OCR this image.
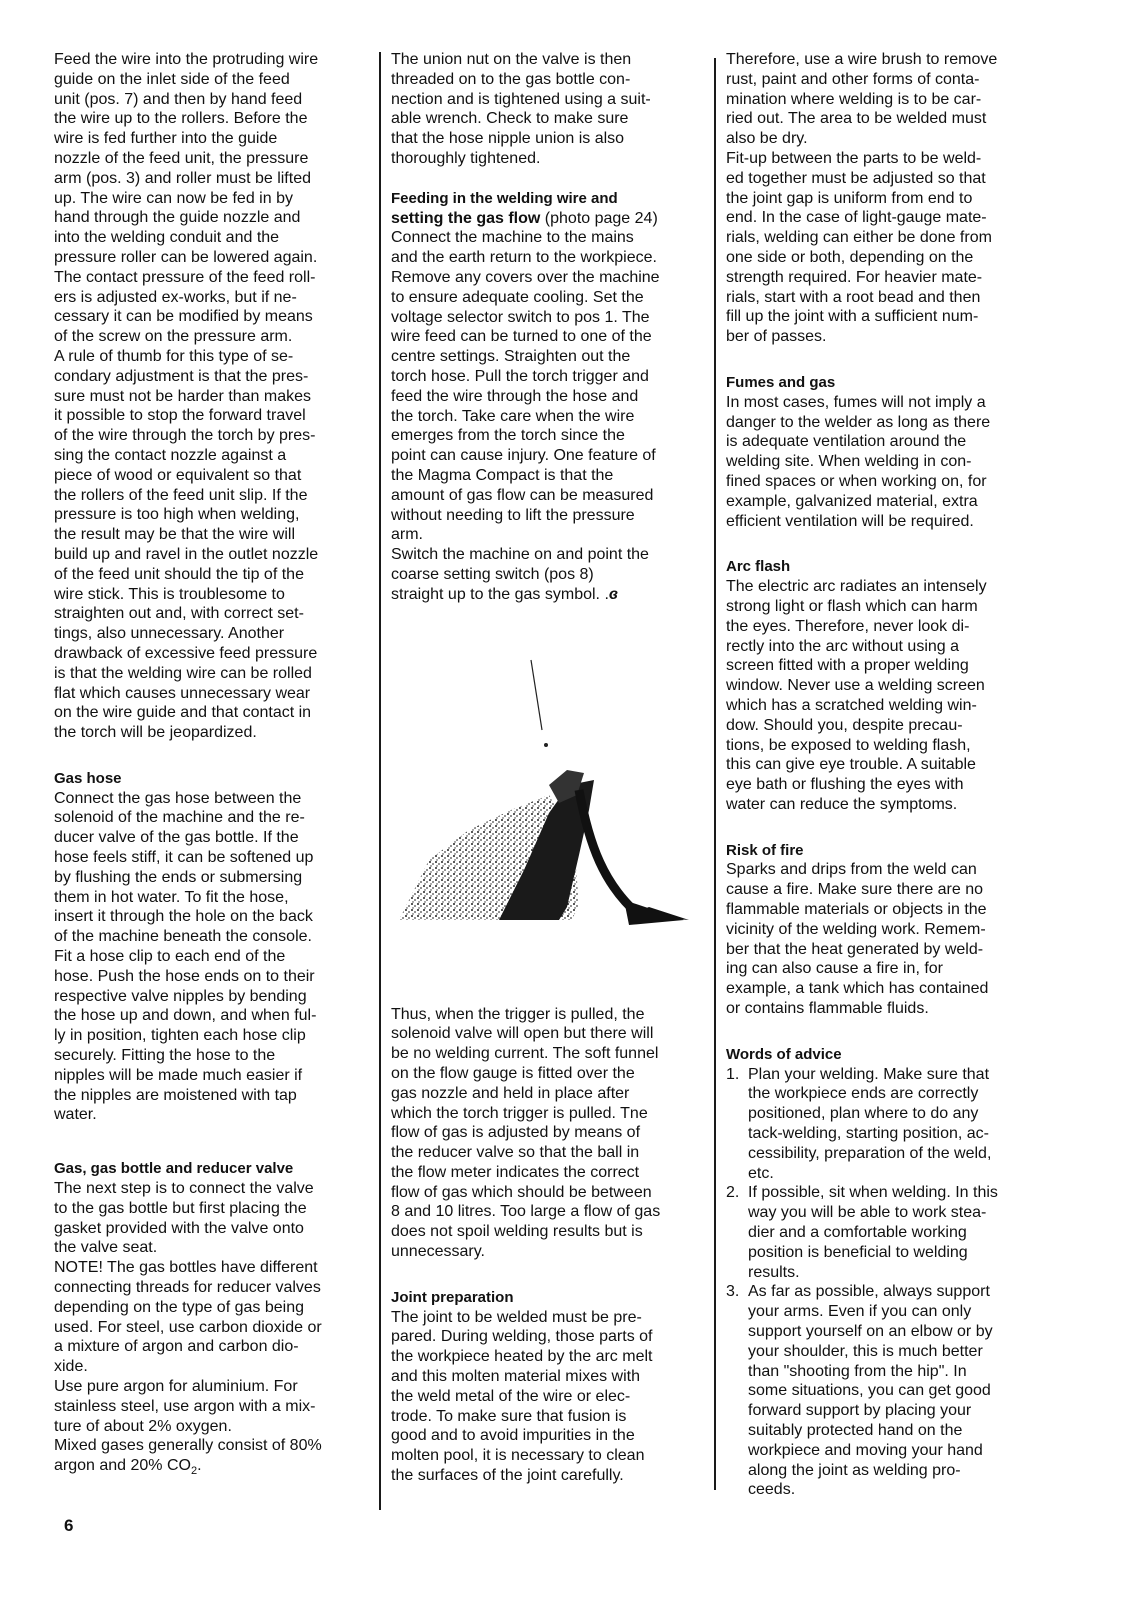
Feed the wire into the protruding wire
guide on the inlet side of the feed
unit (pos. 7) and then by hand feed
the wire up to the rollers. Before the
wire is fed further into the guide
nozzle of the feed unit, the pressure
arm (pos. 3) and roller must be lifted
up. The wire can now be fed in by
hand through the guide nozzle and
into the welding conduit and the
pressure roller can be lowered again.
The contact pressure of the feed roll-
ers is adjusted ex-works, but if ne-
cessary it can be modified by means
of the screw on the pressure arm.
A rule of thumb for this type of se-
condary adjustment is that the pres-
sure must not be harder than makes
it possible to stop the forward travel
of the wire through the torch by pres-
sing the contact nozzle against a
piece of wood or equivalent so that
the rollers of the feed unit slip. If the
pressure is too high when welding,
the result may be that the wire will
build up and ravel in the outlet nozzle
of the feed unit should the tip of the
wire stick. This is troublesome to
straighten out and, with correct set-
tings, also unnecessary. Another
drawback of excessive feed pressure
is that the welding wire can be rolled
flat which causes unnecessary wear
on the wire guide and that contact in
the torch will be jeopardized.
Gas hose
Connect the gas hose between the
solenoid of the machine and the re-
ducer valve of the gas bottle. If the
hose feels stiff, it can be softened up
by flushing the ends or submersing
them in hot water. To fit the hose,
insert it through the hole on the back
of the machine beneath the console.
Fit a hose clip to each end of the
hose. Push the hose ends on to their
respective valve nipples by bending
the hose up and down, and when ful-
ly in position, tighten each hose clip
securely. Fitting the hose to the
nipples will be made much easier if
the nipples are moistened with tap
water.
Gas, gas bottle and reducer valve
The next step is to connect the valve
to the gas bottle but first placing the
gasket provided with the valve onto
the valve seat.
NOTE! The gas bottles have different
connecting threads for reducer valves
depending on the type of gas being
used. For steel, use carbon dioxide or
a mixture of argon and carbon dio-
xide.
Use pure argon for aluminium. For
stainless steel, use argon with a mix-
ture of about 2% oxygen.
Mixed gases generally consist of 80%
argon and 20% $CO_2$.
The union nut on the valve is then
threaded on to the gas bottle con-
nection and is tightened using a suit-
able wrench. Check to make sure
that the hose nipple union is also
thoroughly tightened.
Feeding in the welding wire and
setting the gas flow (photo page 24)
Connect the machine to the mains
and the earth return to the workpiece.
Remove any covers over the machine
to ensure adequate cooling. Set the
voltage selector switch to pos 1. The
wire feed can be turned to one of the
centre settings. Straighten out the
torch hose. Pull the torch trigger and
feed the wire through the hose and
the torch. Take care when the wire
emerges from the torch since the
point can cause injury. One feature of
the Magma Compact is that the
amount of gas flow can be measured
without needing to lift the pressure
arm.
Switch the machine on and point the
coarse setting switch (pos 8)
straight up to the gas symbol. .ɞ
Thus, when the trigger is pulled, the
solenoid valve will open but there will
be no welding current. The soft funnel
on the flow gauge is fitted over the
gas nozzle and held in place after
which the torch trigger is pulled. Tne
flow of gas is adjusted by means of
the reducer valve so that the ball in
the flow meter indicates the correct
flow of gas which should be between
8 and 10 litres. Too large a flow of gas
does not spoil welding results but is
unnecessary.
Joint preparation
The joint to be welded must be pre-
pared. During welding, those parts of
the workpiece heated by the arc melt
and this molten material mixes with
the weld metal of the wire or elec-
trode. To make sure that fusion is
good and to avoid impurities in the
molten pool, it is necessary to clean
the surfaces of the joint carefully.
Therefore, use a wire brush to remove
rust, paint and other forms of conta-
mination where welding is to be car-
ried out. The area to be welded must
also be dry.
Fit-up between the parts to be weld-
ed together must be adjusted so that
the joint gap is uniform from end to
end. In the case of light-gauge mate-
rials, welding can either be done from
one side or both, depending on the
strength required. For heavier mate-
rials, start with a root bead and then
fill up the joint with a sufficient num-
ber of passes.
Fumes and gas
In most cases, fumes will not imply a
danger to the welder as long as there
is adequate ventilation around the
welding site. When welding in con-
fined spaces or when working on, for
example, galvanized material, extra
efficient ventilation will be required.
Arc flash
The electric arc radiates an intensely
strong light or flash which can harm
the eyes. Therefore, never look di-
rectly into the arc without using a
screen fitted with a proper welding
window. Never use a welding screen
which has a scratched welding win-
dow. Should you, despite precau-
tions, be exposed to welding flash,
this can give eye trouble. A suitable
eye bath or flushing the eyes with
water can reduce the symptoms.
Risk of fire
Sparks and drips from the weld can
cause a fire. Make sure there are no
flammable materials or objects in the
vicinity of the welding work. Remem-
ber that the heat generated by weld-
ing can also cause a fire in, for
example, a tank which has contained
or contains flammable fluids.
Words of advice
1. Plan your welding. Make sure that
the workpiece ends are correctly
positioned, plan where to do any
tack-welding, starting position, ac-
cessibility, preparation of the weld,
etc.
2. If possible, sit when welding. In this
way you will be able to work stea-
dier and a comfortable working
position is beneficial to welding
results.
3. As far as possible, always support
your arms. Even if you can only
support yourself on an elbow or by
your shoulder, this is much better
than "shooting from the hip". In
some situations, you can get good
forward support by placing your
suitably protected hand on the
workpiece and moving your hand
along the joint as welding pro-
ceeds.
6
